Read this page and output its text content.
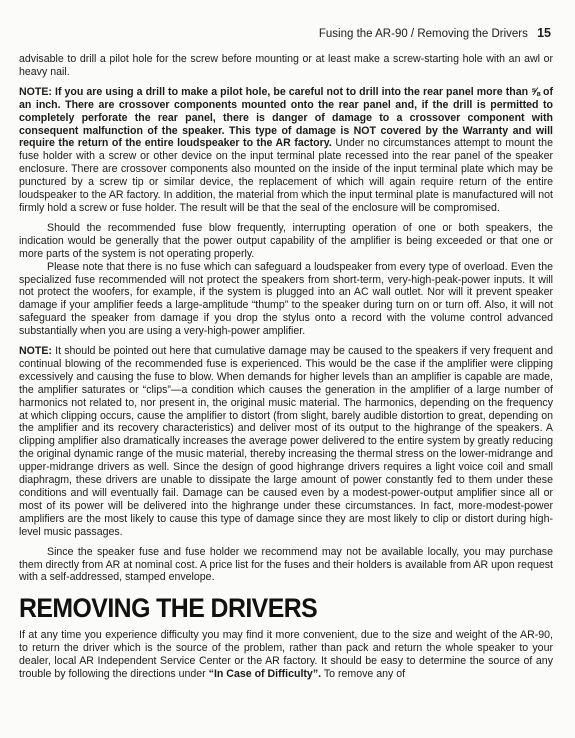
Fusing the AR-90 / Removing the Drivers 15

advisable to drill a pilot hole for the screw before mounting or at least make a screw-starting hole with an awl or heavy nail.

NOTE: If you are using a drill to make a pilot hole, be careful not to drill into the rear panel more than ⅝ of an inch. There are crossover components mounted onto the rear panel and, if the drill is permitted to completely perforate the rear panel, there is danger of damage to a crossover component with consequent malfunction of the speaker. This type of damage is NOT covered by the Warranty and will require the return of the entire loudspeaker to the AR factory. Under no circumstances attempt to mount the fuse holder with a screw or other device on the input terminal plate recessed into the rear panel of the speaker enclosure. There are crossover components also mounted on the inside of the input terminal plate which may be punctured by a screw tip or similar device, the replacement of which will again require return of the entire loudspeaker to the AR factory. In addition, the material from which the input terminal plate is manufactured will not firmly hold a screw or fuse holder. The result will be that the seal of the enclosure will be compromised.

Should the recommended fuse blow frequently, interrupting operation of one or both speakers, the indication would be generally that the power output capability of the amplifier is being exceeded or that one or more parts of the system is not operating properly.

Please note that there is no fuse which can safeguard a loudspeaker from every type of overload. Even the specialized fuse recommended will not protect the speakers from short-term, very-high-peak-power inputs. It will not protect the woofers, for example, if the system is plugged into an AC wall outlet. Nor will it prevent speaker damage if your amplifier feeds a large-amplitude “thump” to the speaker during turn on or turn off. Also, it will not safeguard the speaker from damage if you drop the stylus onto a record with the volume control advanced substantially when you are using a very-high-power amplifier.

NOTE: It should be pointed out here that cumulative damage may be caused to the speakers if very frequent and continual blowing of the recommended fuse is experienced. This would be the case if the amplifier were clipping excessively and causing the fuse to blow. When demands for higher levels than an amplifier is capable are made, the amplifier saturates or “clips”—a condition which causes the generation in the amplifier of a large number of harmonics not related to, nor present in, the original music material. The harmonics, depending on the frequency at which clipping occurs, cause the amplifier to distort (from slight, barely audible distortion to great, depending on the amplifier and its recovery characteristics) and deliver most of its output to the highrange of the speakers. A clipping amplifier also dramatically increases the average power delivered to the entire system by greatly reducing the original dynamic range of the music material, thereby increasing the thermal stress on the lower-midrange and upper-midrange drivers as well. Since the design of good highrange drivers requires a light voice coil and small diaphragm, these drivers are unable to dissipate the large amount of power constantly fed to them under these conditions and will eventually fail. Damage can be caused even by a modest-power-output amplifier since all or most of its power will be delivered into the highrange under these circumstances. In fact, more-modest-power amplifiers are the most likely to cause this type of damage since they are most likely to clip or distort during high-level music passages.

Since the speaker fuse and fuse holder we recommend may not be available locally, you may purchase them directly from AR at nominal cost. A price list for the fuses and their holders is available from AR upon request with a self-addressed, stamped envelope.

REMOVING THE DRIVERS

If at any time you experience difficulty you may find it more convenient, due to the size and weight of the AR-90, to return the driver which is the source of the problem, rather than pack and return the whole speaker to your dealer, local AR Independent Service Center or the AR factory. It should be easy to determine the source of any trouble by following the directions under “In Case of Difficulty”. To remove any of
